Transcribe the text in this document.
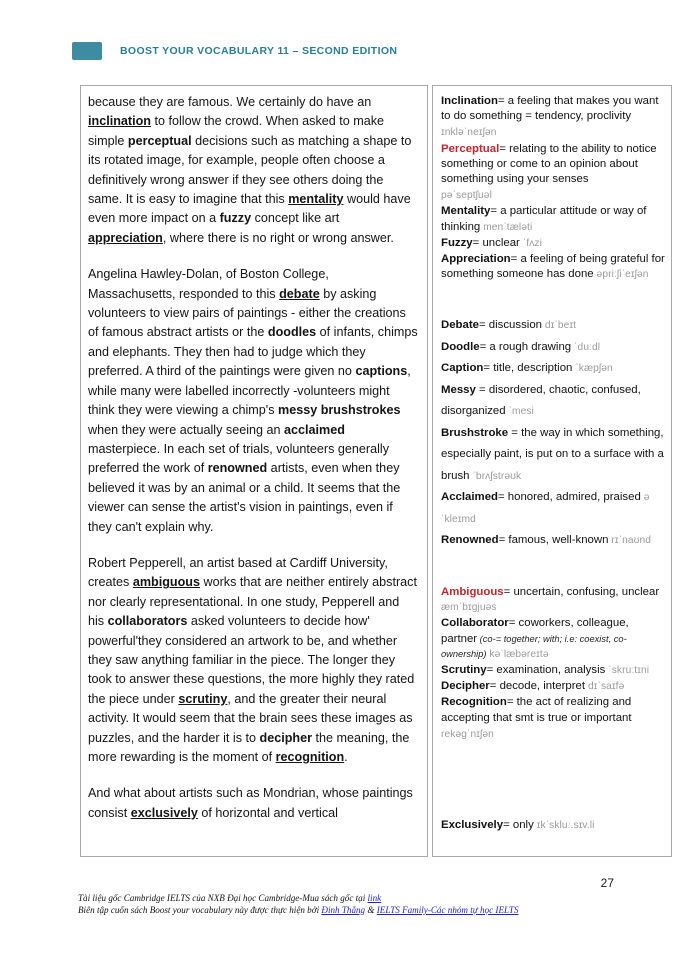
BOOST YOUR VOCABULARY 11 – SECOND EDITION

because they are famous. We certainly do have an inclination to follow the crowd. When asked to make simple perceptual decisions such as matching a shape to its rotated image, for example, people often choose a definitively wrong answer if they see others doing the same. It is easy to imagine that this mentality would have even more impact on a fuzzy concept like art appreciation, where there is no right or wrong answer.

Angelina Hawley-Dolan, of Boston College, Massachusetts, responded to this debate by asking volunteers to view pairs of paintings - either the creations of famous abstract artists or the doodles of infants, chimps and elephants. They then had to judge which they preferred. A third of the paintings were given no captions, while many were labelled incorrectly -volunteers might think they were viewing a chimp's messy brushstrokes when they were actually seeing an acclaimed masterpiece. In each set of trials, volunteers generally preferred the work of renowned artists, even when they believed it was by an animal or a child. It seems that the viewer can sense the artist's vision in paintings, even if they can't explain why.

Robert Pepperell, an artist based at Cardiff University, creates ambiguous works that are neither entirely abstract nor clearly representational. In one study, Pepperell and his collaborators asked volunteers to decide how' powerful'they considered an artwork to be, and whether they saw anything familiar in the piece. The longer they took to answer these questions, the more highly they rated the piece under scrutiny, and the greater their neural activity. It would seem that the brain sees these images as puzzles, and the harder it is to decipher the meaning, the more rewarding is the moment of recognition.

And what about artists such as Mondrian, whose paintings consist exclusively of horizontal and vertical

Inclination= a feeling that makes you want to do something = tendency, proclivity
ɪnkləˈneɪʃən
Perceptual= relating to the ability to notice something or come to an opinion about something using your senses
pəˈseptʃuəl
Mentality= a particular attitude or way of thinking menˈtæləti
Fuzzy= unclear ˈfʌzi
Appreciation= a feeling of being grateful for something someone has done əpriːʃiˈeɪʃən
Debate= discussion dɪˈbeɪt
Doodle= a rough drawing ˈduːdl
Caption= title, description ˈkæpʃən
Messy = disordered, chaotic, confused, disorganized ˈmesi
Brushstroke = the way in which something, especially paint, is put on to a surface with a brush ˈbrʌʃstrəʊk
Acclaimed= honored, admired, praised əˈkleɪmd
Renowned= famous, well-known rɪˈnaʊnd
Ambiguous= uncertain, confusing, unclear æmˈbɪɡjuəs
Collaborator= coworkers, colleague, partner (co-= together; with; i.e: coexist, co-ownership) kəˈlæbəreɪtə
Scrutiny= examination, analysis ˈskruːtɪni
Decipher= decode, interpret dɪˈsaɪfə
Recognition= the act of realizing and accepting that smt is true or important
rekəɡˈnɪʃən
Exclusively= only ɪkˈskluː.sɪv.li
27
Tài liệu gốc Cambridge IELTS của NXB Đại học Cambridge-Mua sách gốc tại link
Biên tập cuốn sách Boost your vocabulary này được thực hiện bởi Đinh Thắng & IELTS Family-Các nhóm tự học IELTS
